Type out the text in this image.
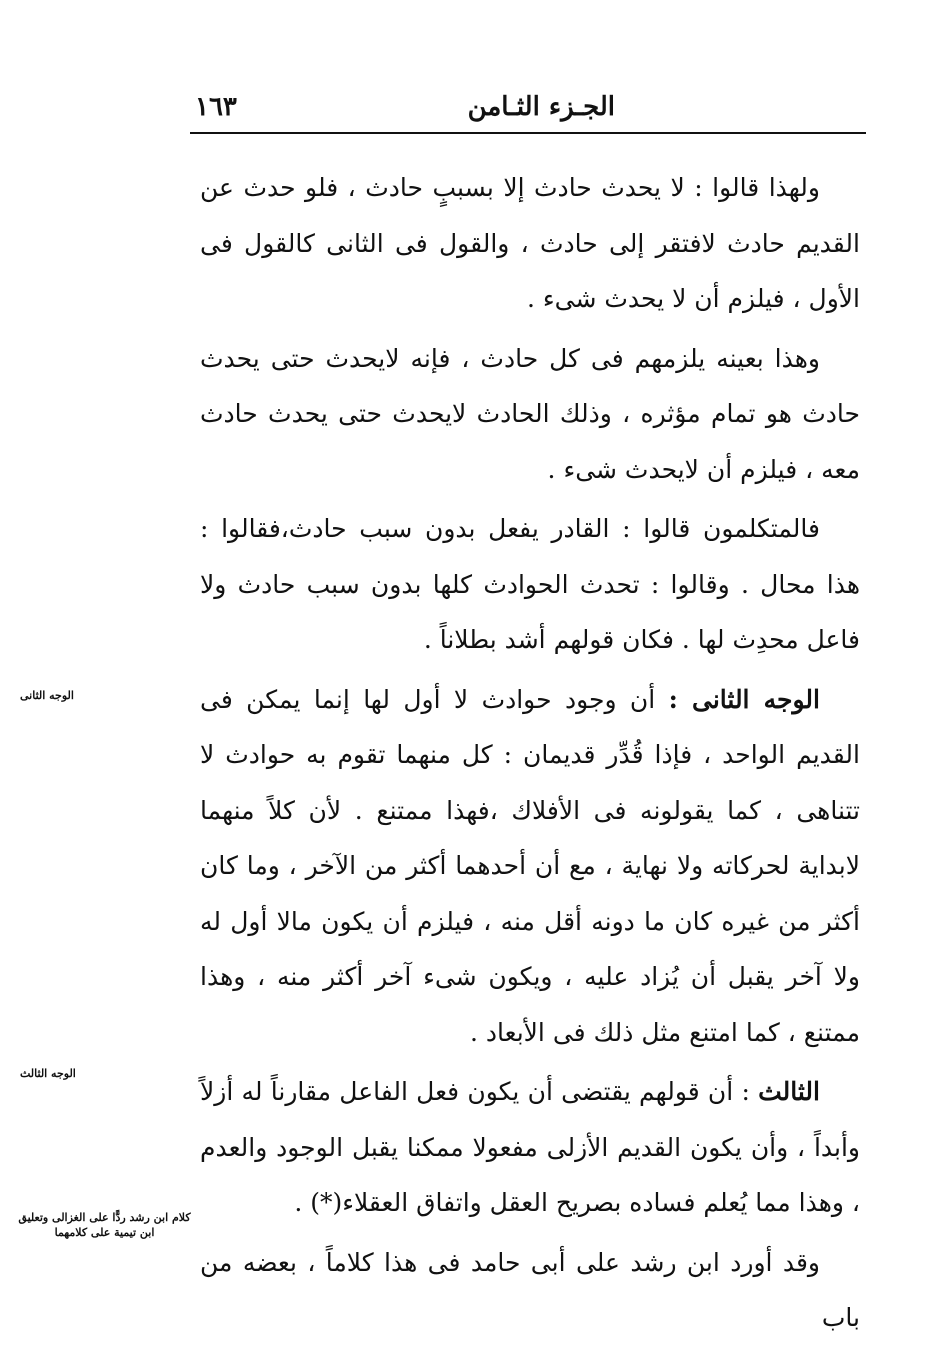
الجـزء الثـامن
١٦٣

ولهذا قالوا : لا يحدث حادث إلا بسببٍ حادث ، فلو حدث عن القديم حادث لافتقر إلى حادث ، والقول فى الثانى كالقول فى الأول ، فيلزم أن لا يحدث شىء .

وهذا بعينه يلزمهم فى كل حادث ، فإنه لايحدث حتى يحدث حادث هو تمام مؤثره ، وذلك الحادث لايحدث حتى يحدث حادث معه ، فيلزم أن لايحدث شىء .

فالمتكلمون قالوا : القادر يفعل بدون سبب حادث،فقالوا : هذا محال . وقالوا : تحدث الحوادث كلها بدون سبب حادث ولا فاعل محدِث لها . فكان قولهم أشد بطلاناً .

الوجه الثانى : أن وجود حوادث لا أول لها إنما يمكن فى القديم الواحد ، فإذا قُدِّر قديمان : كل منهما تقوم به حوادث لا تتناهى ، كما يقولونه فى الأفلاك ،فهذا ممتنع . لأن كلاً منهما لابداية لحركاته ولا نهاية ، مع أن أحدهما أكثر من الآخر ، وما كان أكثر من غيره كان ما دونه أقل منه ، فيلزم أن يكون مالا أول له ولا آخر يقبل أن يُزاد عليه ، ويكون شىء آخر أكثر منه ، وهذا ممتنع ، كما امتنع مثل ذلك فى الأبعاد .

الثالث : أن قولهم يقتضى أن يكون فعل الفاعل مقارناً له أزلاً وأبداً ، وأن يكون القديم الأزلى مفعولا ممكنا يقبل الوجود والعدم ، وهذا مما يُعلم فساده بصريح العقل واتفاق العقلاء(*) .

وقد أورد ابن رشد على أبى حامد فى هذا كلاماً ، بعضه من باب

الوجه الثانى
الوجه الثالث
كلام ابن رشد ردًّا على الغزالى وتعليق ابن تيمية على كلامهما
